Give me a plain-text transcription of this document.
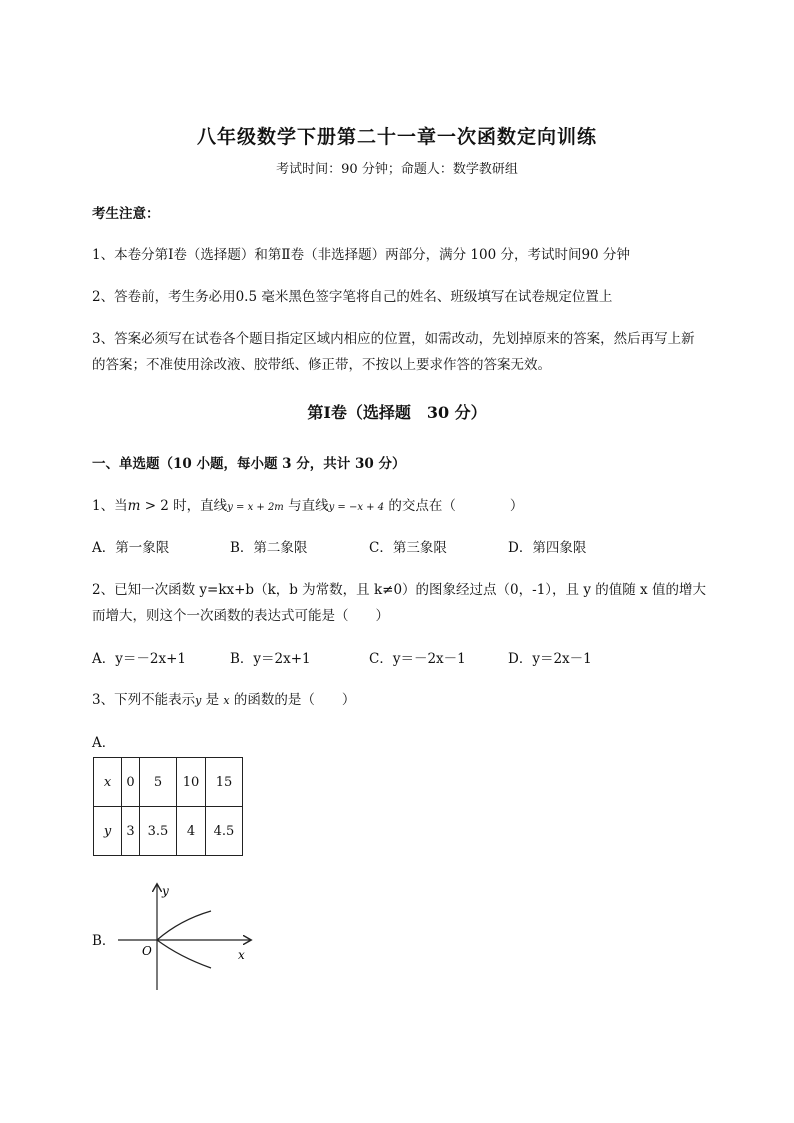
八年级数学下册第二十一章一次函数定向训练
考试时间：90 分钟；命题人：数学教研组
考生注意：
1、本卷分第Ⅰ卷（选择题）和第Ⅱ卷（非选择题）两部分，满分 100 分，考试时间90 分钟
2、答卷前，考生务必用0.5 毫米黑色签字笔将自己的姓名、班级填写在试卷规定位置上
3、答案必须写在试卷各个题目指定区域内相应的位置，如需改动，先划掉原来的答案，然后再写上新
的答案；不准使用涂改液、胶带纸、修正带，不按以上要求作答的答案无效。
第Ⅰ卷（选择题　30 分）
一、单选题（10 小题，每小题 3 分，共计 30 分）
1、当m > 2 时，直线y = x + 2m 与直线y = −x + 4 的交点在（　　　　）
A．第一象限	B．第二象限	C．第三象限	D．第四象限
2、已知一次函数 y=kx+b（k，b 为常数，且 k≠0）的图象经过点（0，-1），且 y 的值随 x 值的增大
而增大，则这个一次函数的表达式可能是（　　）
A．y＝－2x+1	B．y＝2x+1	C．y＝－2x－1	D．y＝2x－1
3、下列不能表示y 是 x 的函数的是（　　）
A．
x	0	5	10	15
y	3	3.5	4	4.5
B．
y
x
O
